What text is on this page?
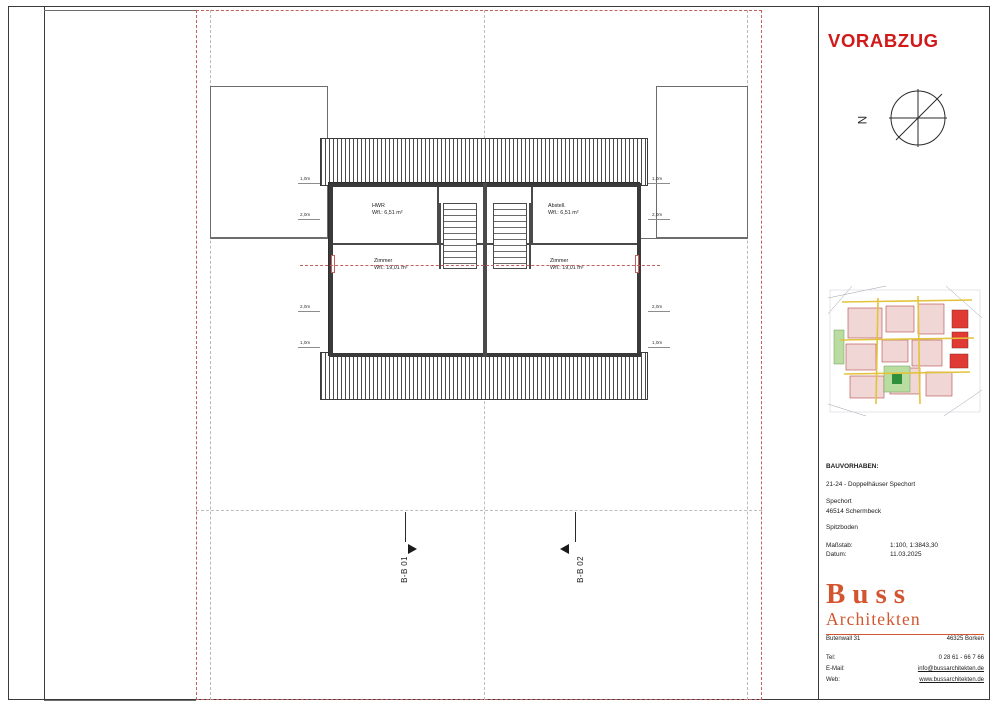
HWR
Wfl.: 6,51 m²
Abstell.
Wfl.: 6,51 m²
Zimmer
Wfl.: 19,01 m²
Zimmer
Wfl.: 19,01 m²
1,0m
2,0m
2,0m
1,0m
1,0m
2,0m
2,0m
1,0m
B-B 01	B-B 02
VORABZUG
N
BAUVORHABEN:
21-24 - Doppelhäuser Spechort
Spechort
46514 Schermbeck
Spitzboden
Maßstab:	1:100, 1:3843,30
Datum:	11.03.2025
Buss
Architekten
Butenwall 31	46325 Borken
Tel:	0 28 61 - 66 7 66
E-Mail:	info@bussarchitekten.de
Web:	www.bussarchitekten.de
